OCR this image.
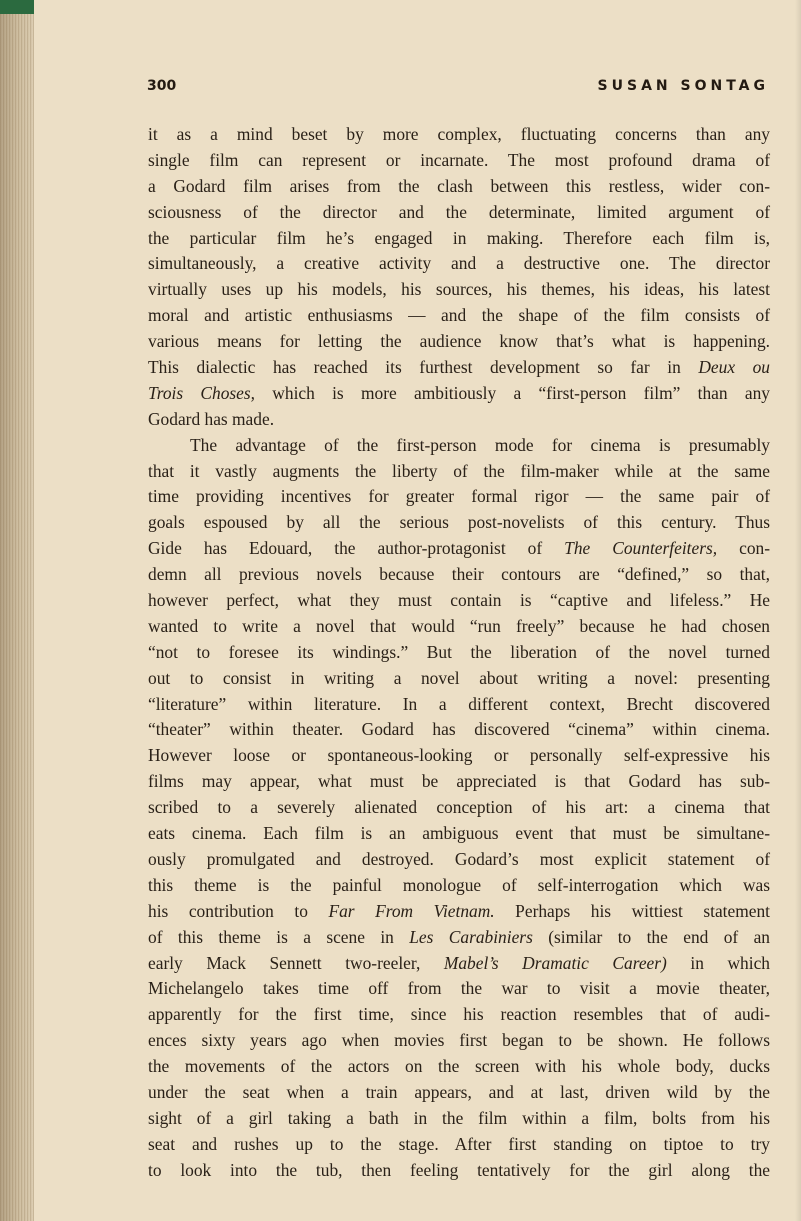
300	SUSAN SONTAG
it as a mind beset by more complex, fluctuating concerns than any
single film can represent or incarnate. The most profound drama of
a Godard film arises from the clash between this restless, wider con-
sciousness of the director and the determinate, limited argument of
the particular film he’s engaged in making. Therefore each film is,
simultaneously, a creative activity and a destructive one. The director
virtually uses up his models, his sources, his themes, his ideas, his latest
moral and artistic enthusiasms — and the shape of the film consists of
various means for letting the audience know that’s what is happening.
This dialectic has reached its furthest development so far in Deux ou
Trois Choses, which is more ambitiously a “first-person film” than any
Godard has made.
The advantage of the first-person mode for cinema is presumably
that it vastly augments the liberty of the film-maker while at the same
time providing incentives for greater formal rigor — the same pair of
goals espoused by all the serious post-novelists of this century. Thus
Gide has Edouard, the author-protagonist of The Counterfeiters, con-
demn all previous novels because their contours are “defined,” so that,
however perfect, what they must contain is “captive and lifeless.” He
wanted to write a novel that would “run freely” because he had chosen
“not to foresee its windings.” But the liberation of the novel turned
out to consist in writing a novel about writing a novel: presenting
“literature” within literature. In a different context, Brecht discovered
“theater” within theater. Godard has discovered “cinema” within cinema.
However loose or spontaneous-looking or personally self-expressive his
films may appear, what must be appreciated is that Godard has sub-
scribed to a severely alienated conception of his art: a cinema that
eats cinema. Each film is an ambiguous event that must be simultane-
ously promulgated and destroyed. Godard’s most explicit statement of
this theme is the painful monologue of self-interrogation which was
his contribution to Far From Vietnam. Perhaps his wittiest statement
of this theme is a scene in Les Carabiniers (similar to the end of an
early Mack Sennett two-reeler, Mabel’s Dramatic Career) in which
Michelangelo takes time off from the war to visit a movie theater,
apparently for the first time, since his reaction resembles that of audi-
ences sixty years ago when movies first began to be shown. He follows
the movements of the actors on the screen with his whole body, ducks
under the seat when a train appears, and at last, driven wild by the
sight of a girl taking a bath in the film within a film, bolts from his
seat and rushes up to the stage. After first standing on tiptoe to try
to look into the tub, then feeling tentatively for the girl along the
